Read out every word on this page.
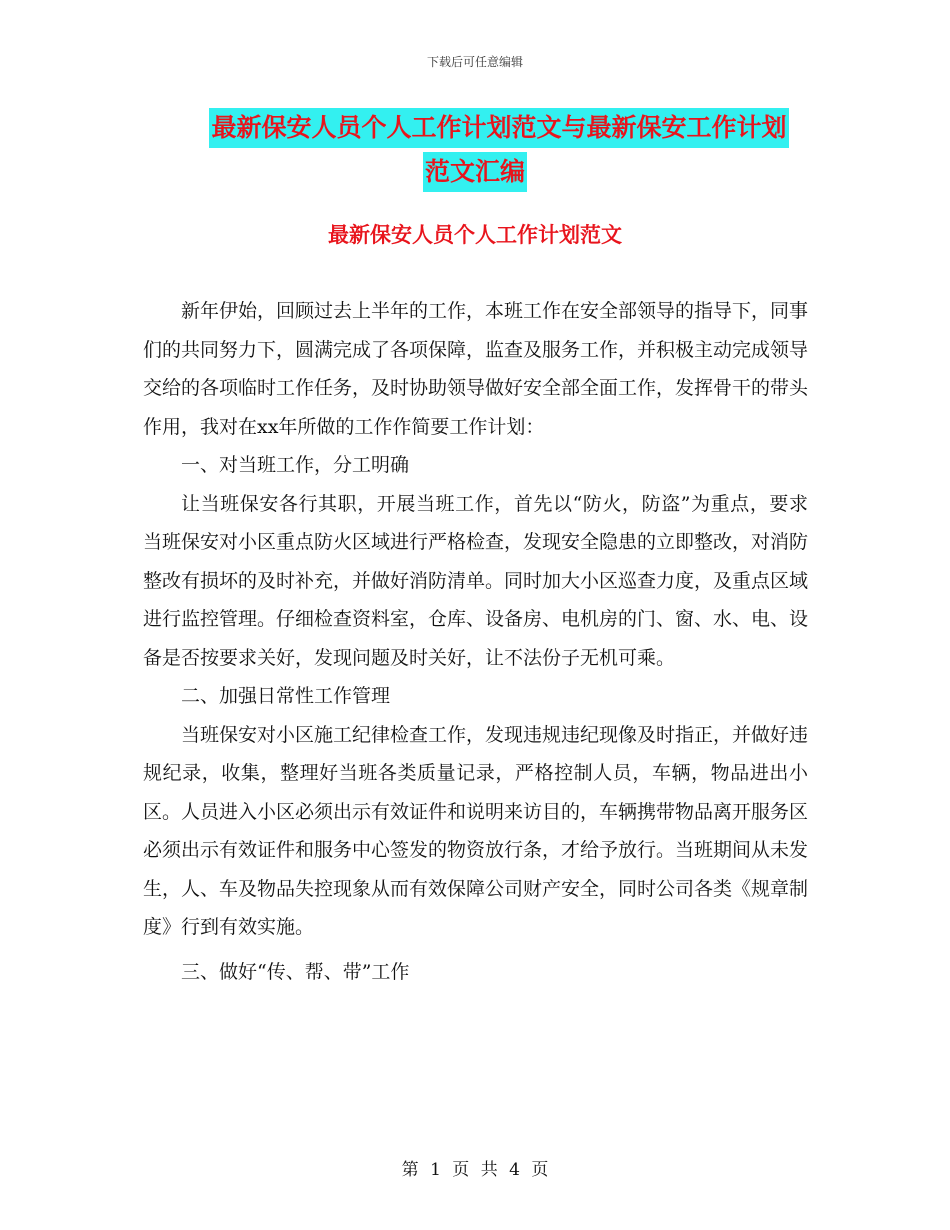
下载后可任意编辑
最新保安人员个人工作计划范文与最新保安工作计划
范文汇编
最新保安人员个人工作计划范文

新年伊始，回顾过去上半年的工作，本班工作在安全部领导的指导下，同事们的共同努力下，圆满完成了各项保障，监查及服务工作，并积极主动完成领导交给的各项临时工作任务，及时协助领导做好安全部全面工作，发挥骨干的带头作用，我对在xx年所做的工作作简要工作计划：

一、对当班工作，分工明确

让当班保安各行其职，开展当班工作，首先以“防火，防盗”为重点，要求当班保安对小区重点防火区域进行严格检查，发现安全隐患的立即整改，对消防整改有损坏的及时补充，并做好消防清单。同时加大小区巡查力度，及重点区域进行监控管理。仔细检查资料室，仓库、设备房、电机房的门、窗、水、电、设备是否按要求关好，发现问题及时关好，让不法份子无机可乘。

二、加强日常性工作管理

当班保安对小区施工纪律检查工作，发现违规违纪现像及时指正，并做好违规纪录，收集，整理好当班各类质量记录，严格控制人员，车辆，物品进出小区。人员进入小区必须出示有效证件和说明来访目的，车辆携带物品离开服务区必须出示有效证件和服务中心签发的物资放行条，才给予放行。当班期间从未发生，人、车及物品失控现象从而有效保障公司财产安全，同时公司各类《规章制度》行到有效实施。

三、做好“传、帮、带”工作

第 1 页 共 4 页
